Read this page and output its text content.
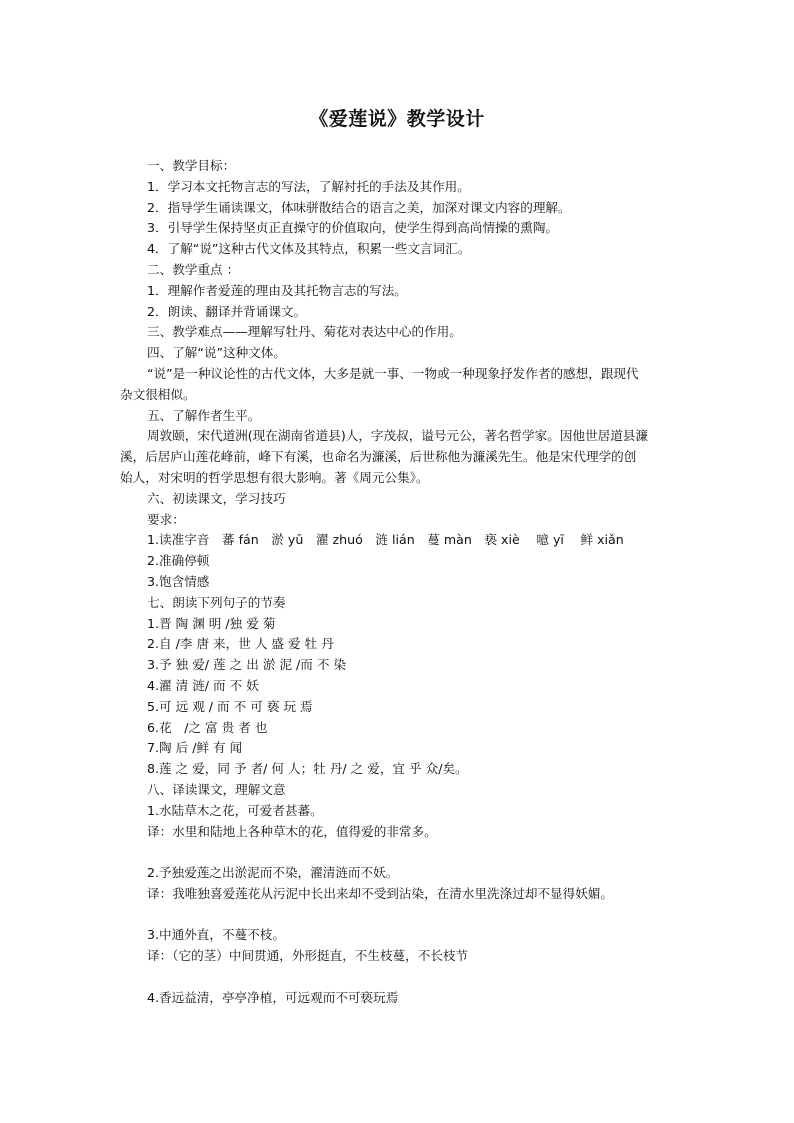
《爱莲说》教学设计
一、教学目标：
1．学习本文托物言志的写法，了解衬托的手法及其作用。
2．指导学生诵读课文，体味骈散结合的语言之美，加深对课文内容的理解。
3．引导学生保持坚贞正直操守的价值取向，使学生得到高尚情操的熏陶。
4．了解“说”这种古代文体及其特点，积累一些文言词汇。
二、教学重点 ：
1．理解作者爱莲的理由及其托物言志的写法。
2．朗读、翻译并背诵课文。
三、教学难点——理解写牡丹、菊花对表达中心的作用。
四、了解“说”这种文体。
“说”是一种议论性的古代文体，大多是就一事、一物或一种现象抒发作者的感想，跟现代杂文很相似。
五、了解作者生平。
周敦颐，宋代道洲(现在湖南省道县)人，字茂叔，谥号元公，著名哲学家。因他世居道县濂溪，后居庐山莲花峰前，峰下有溪，也命名为濂溪，后世称他为濂溪先生。他是宋代理学的创始人，对宋明的哲学思想有很大影响。著《周元公集》。
六、初读课文，学习技巧
要求：
1.读准字音　蕃 fán　淤 yū　濯 zhuó　涟 lián　蔓 màn　亵 xiè　 噫 yī　 鲜 xiǎn
2.准确停顿
3.饱含情感
七、朗读下列句子的节奏
1.晋 陶 渊 明 /独 爱 菊
2.自 /李 唐 来，世 人 盛 爱 牡 丹
3.予 独 爱/ 莲 之 出 淤 泥 /而 不 染
4.濯 清 涟/ 而 不 妖
5.可 远 观 / 而 不 可 亵 玩 焉
6.花　/之 富 贵 者 也
7.陶 后 /鲜 有 闻
8.莲 之 爱，同 予 者/ 何 人；牡 丹/ 之 爱，宜 乎 众/矣。
八、译读课文，理解文意
1.水陆草木之花，可爱者甚蕃。
译：水里和陆地上各种草木的花，值得爱的非常多。
2.予独爱莲之出淤泥而不染，濯清涟而不妖。
译：我唯独喜爱莲花从污泥中长出来却不受到沾染，在清水里洗涤过却不显得妖媚。
3.中通外直，不蔓不枝。
译：（它的茎）中间贯通，外形挺直，不生枝蔓，不长枝节
4.香远益清，亭亭净植，可远观而不可亵玩焉
